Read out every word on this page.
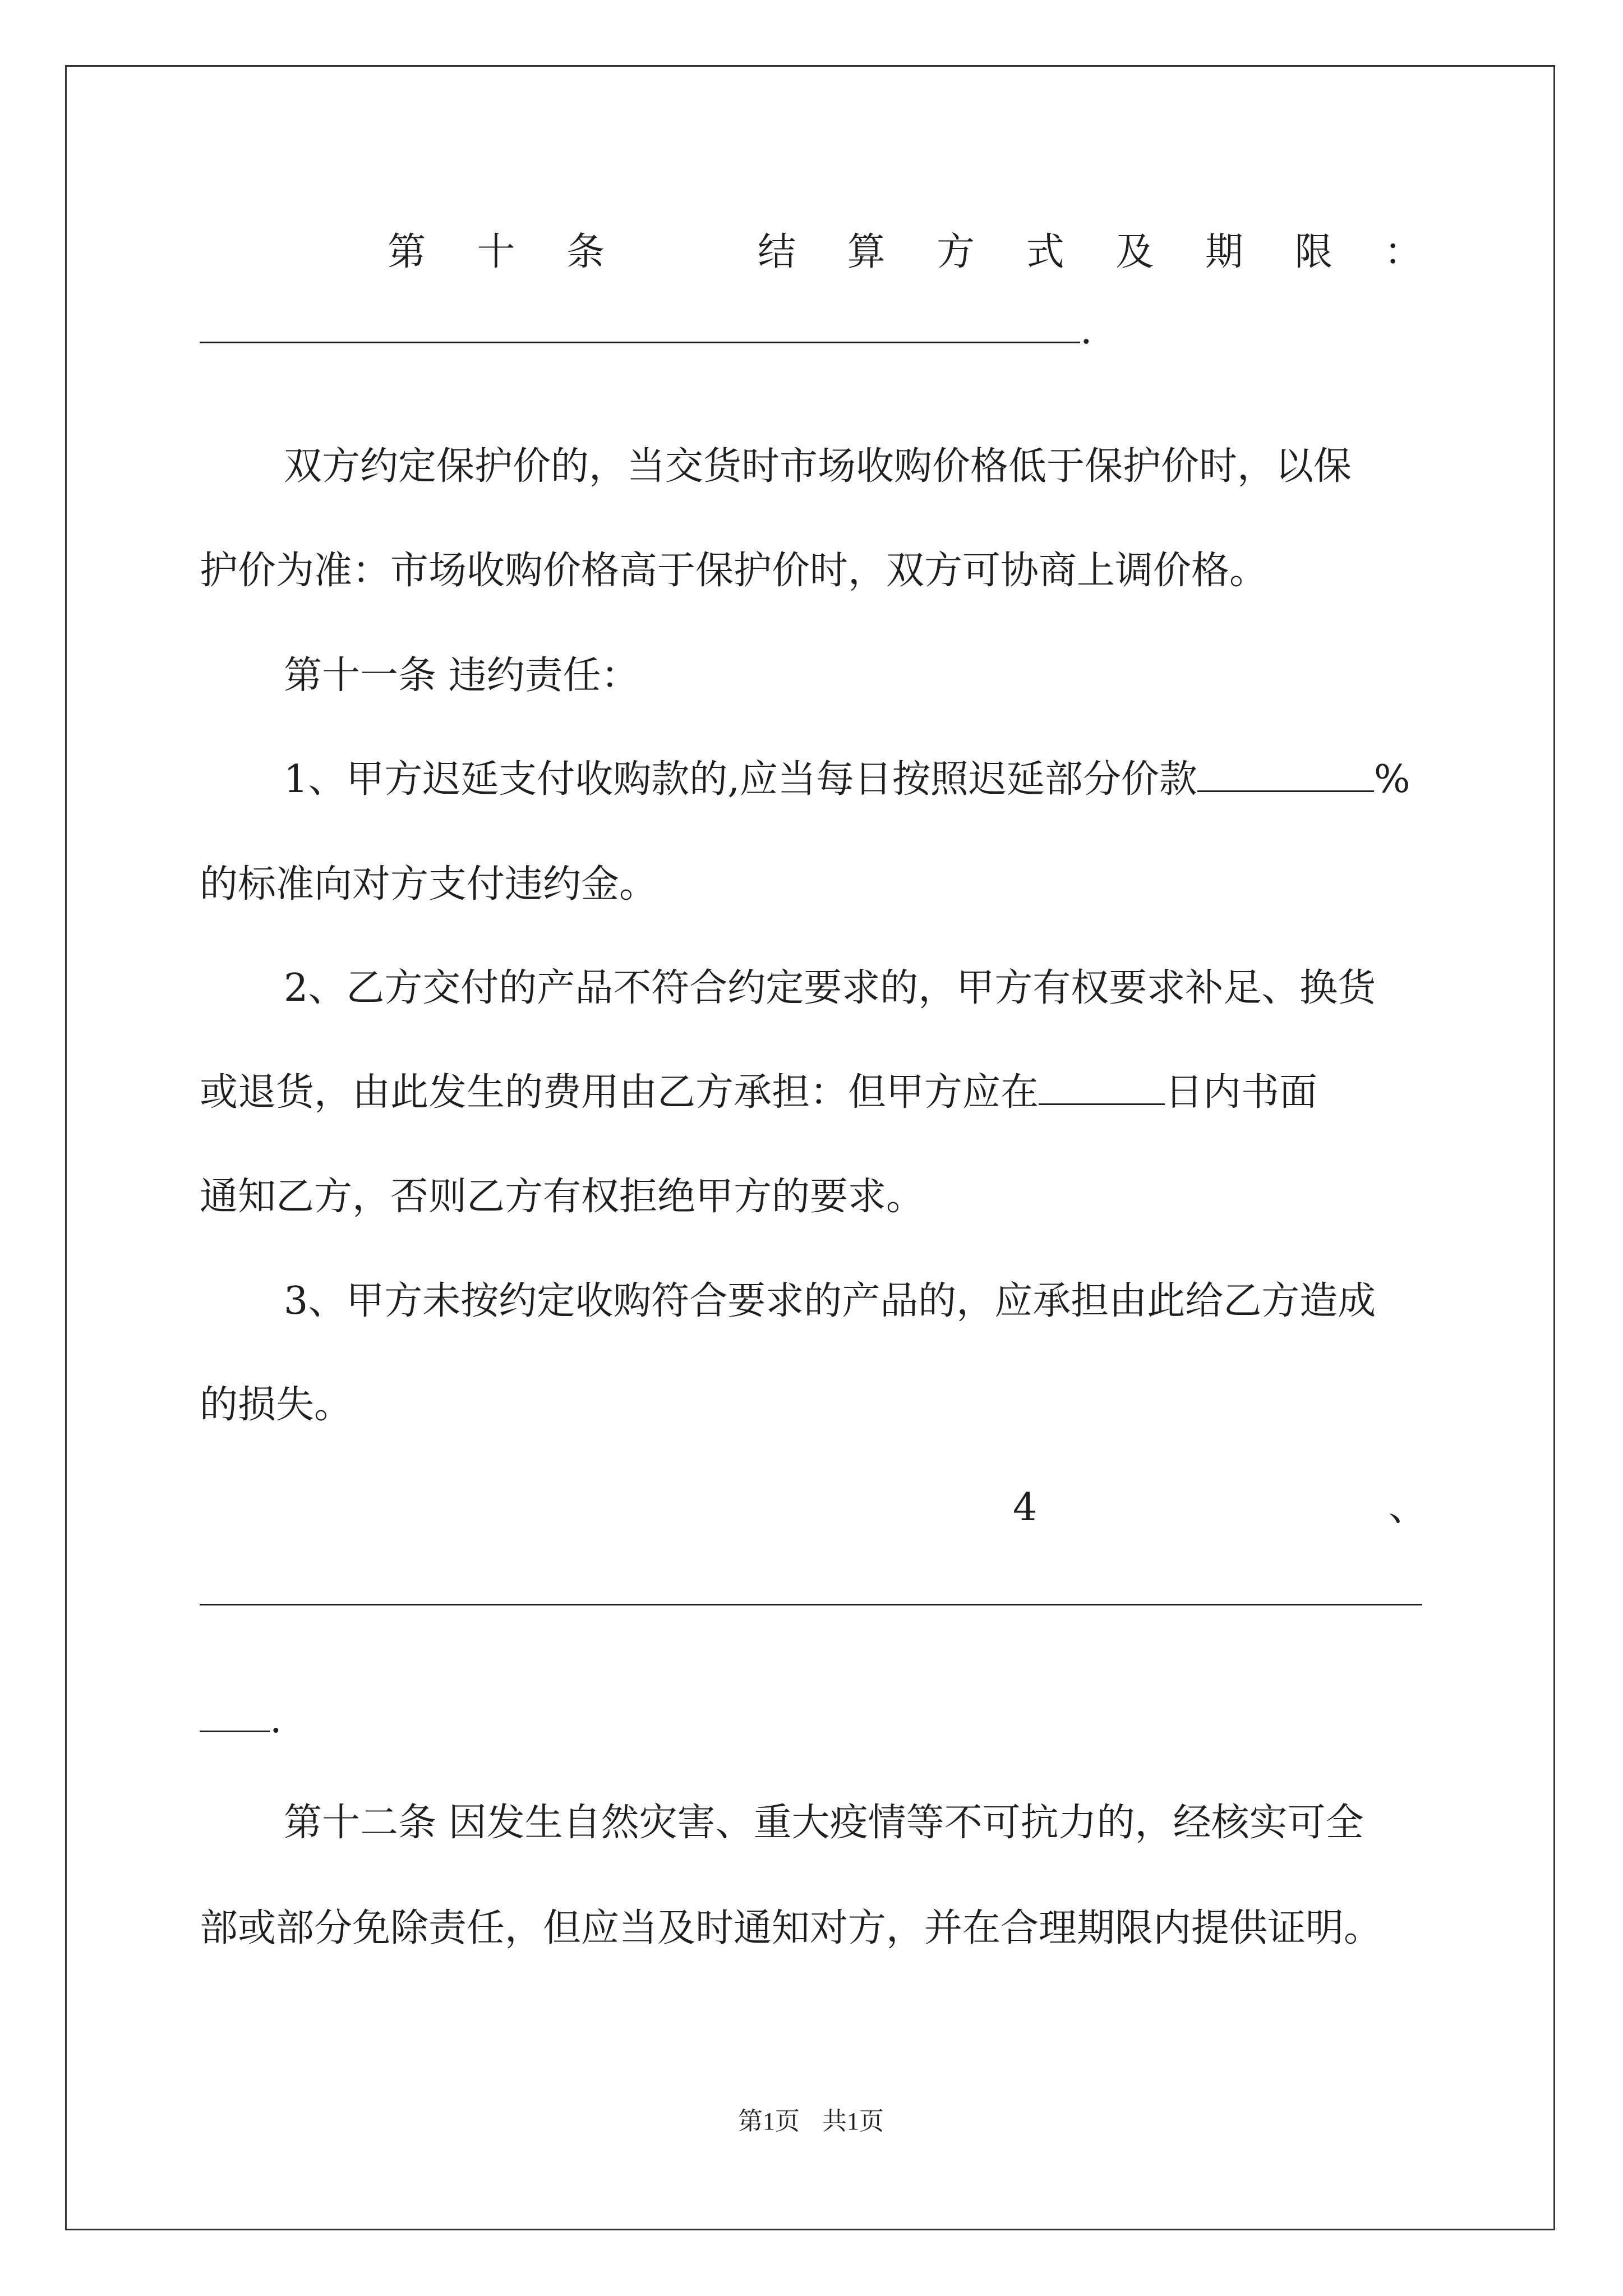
第 十 条	结 算 方 式 及 期 限 ：
.
双方约定保护价的，当交货时市场收购价格低于保护价时，以保
护价为准：市场收购价格高于保护价时，双方可协商上调价格。
第十一条 违约责任：
1、甲方迟延支付收购款的,应当每日按照迟延部分价款	%
的标准向对方支付违约金。
2、乙方交付的产品不符合约定要求的，甲方有权要求补足、换货
或退货，由此发生的费用由乙方承担：但甲方应在	日内书面
通知乙方，否则乙方有权拒绝甲方的要求。
3、甲方未按约定收购符合要求的产品的，应承担由此给乙方造成
的损失。
4	、
.
第十二条 因发生自然灾害、重大疫情等不可抗力的，经核实可全
部或部分免除责任，但应当及时通知对方，并在合理期限内提供证明。
第1页 共1页
